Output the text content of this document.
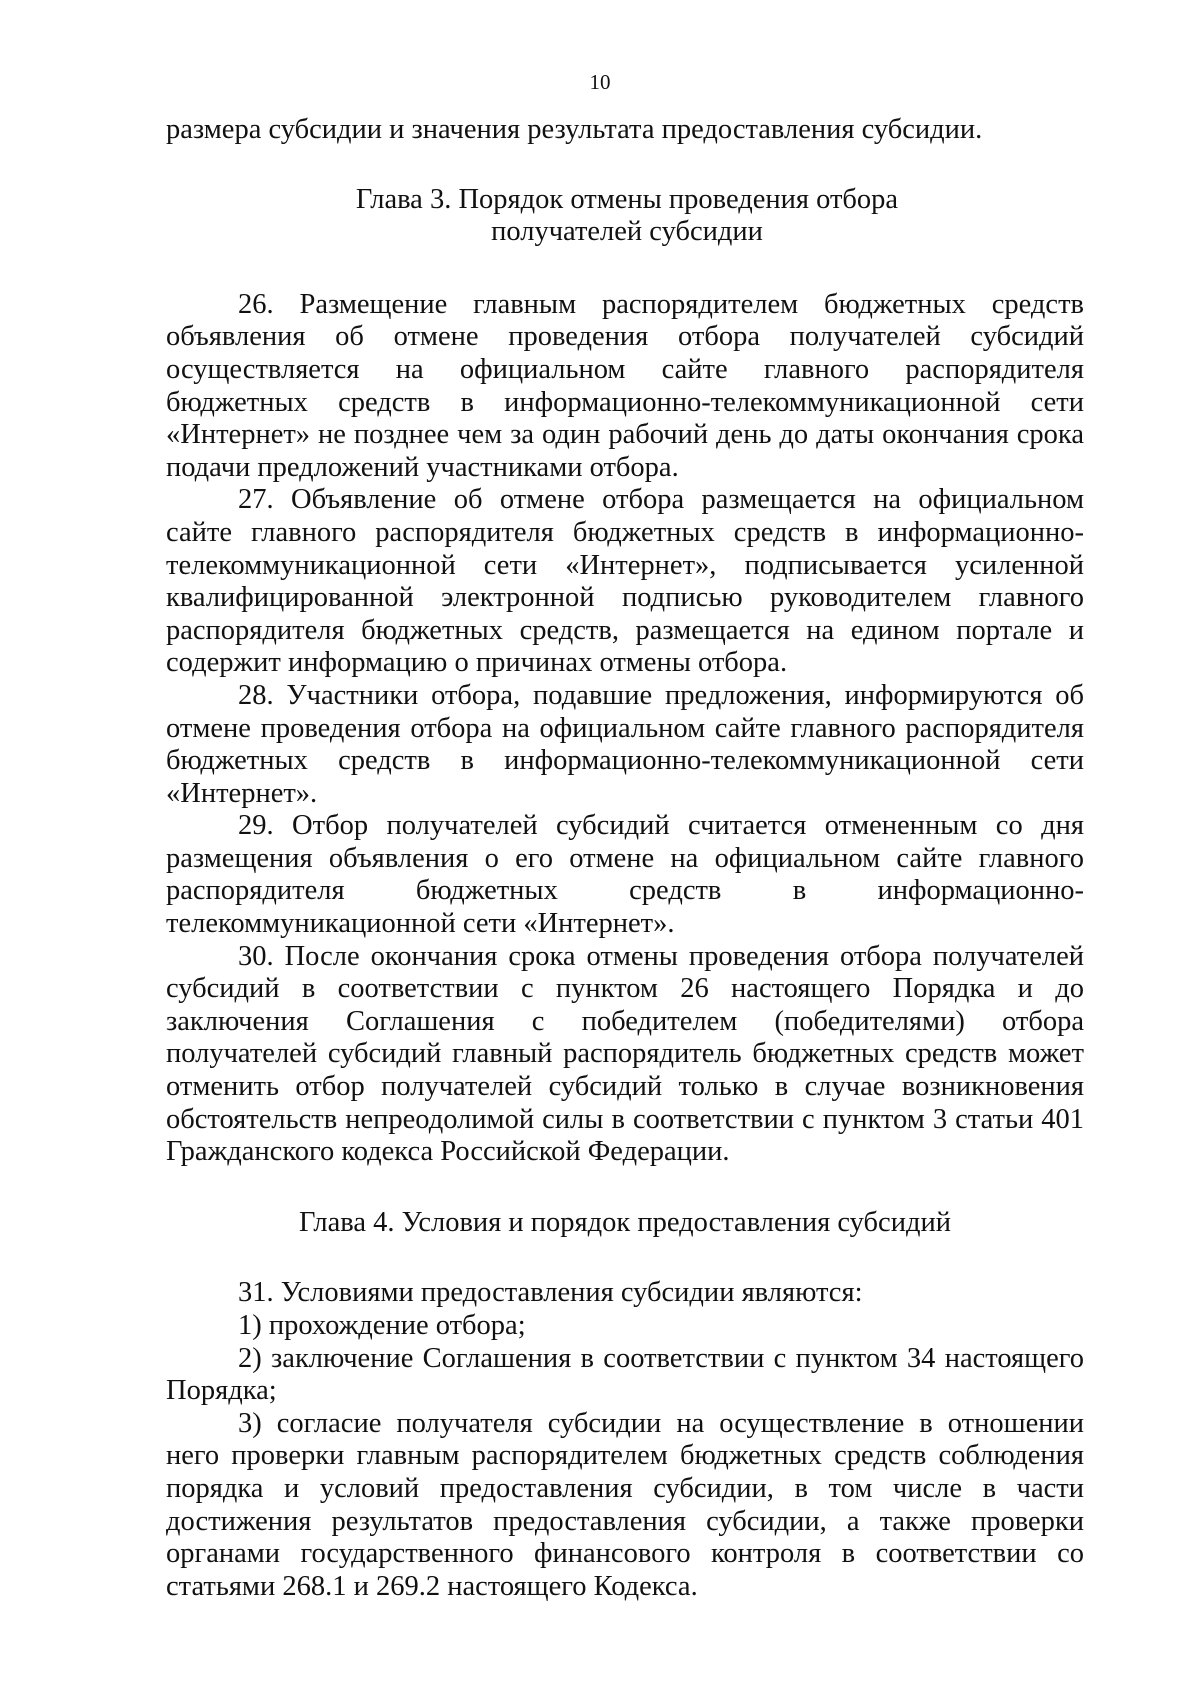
10

размера субсидии и значения результата предоставления субсидии.

Глава 3. Порядок отмены проведения отбора
получателей субсидии

26. Размещение главным распорядителем бюджетных средств объявления об отмене проведения отбора получателей субсидий осуществляется на официальном сайте главного распорядителя бюджетных средств в информационно-телекоммуникационной сети «Интернет» не позднее чем за один рабочий день до даты окончания срока подачи предложений участниками отбора.

27. Объявление об отмене отбора размещается на официальном сайте главного распорядителя бюджетных средств в информационно-телекоммуникационной сети «Интернет», подписывается усиленной квалифицированной электронной подписью руководителем главного распорядителя бюджетных средств, размещается на едином портале и содержит информацию о причинах отмены отбора.

28. Участники отбора, подавшие предложения, информируются об отмене проведения отбора на официальном сайте главного распорядителя бюджетных средств в информационно-телекоммуникационной сети «Интернет».

29. Отбор получателей субсидий считается отмененным со дня размещения объявления о его отмене на официальном сайте главного распорядителя бюджетных средств в информационно-телекоммуникационной сети «Интернет».

30. После окончания срока отмены проведения отбора получателей субсидий в соответствии с пунктом 26 настоящего Порядка и до заключения Соглашения с победителем (победителями) отбора получателей субсидий главный распорядитель бюджетных средств может отменить отбор получателей субсидий только в случае возникновения обстоятельств непреодолимой силы в соответствии с пунктом 3 статьи 401 Гражданского кодекса Российской Федерации.

Глава 4. Условия и порядок предоставления субсидий

31. Условиями предоставления субсидии являются:

1) прохождение отбора;

2) заключение Соглашения в соответствии с пунктом 34 настоящего Порядка;

3) согласие получателя субсидии на осуществление в отношении него проверки главным распорядителем бюджетных средств соблюдения порядка и условий предоставления субсидии, в том числе в части достижения результатов предоставления субсидии, а также проверки органами государственного финансового контроля в соответствии со статьями 268.1 и 269.2 настоящего Кодекса.
